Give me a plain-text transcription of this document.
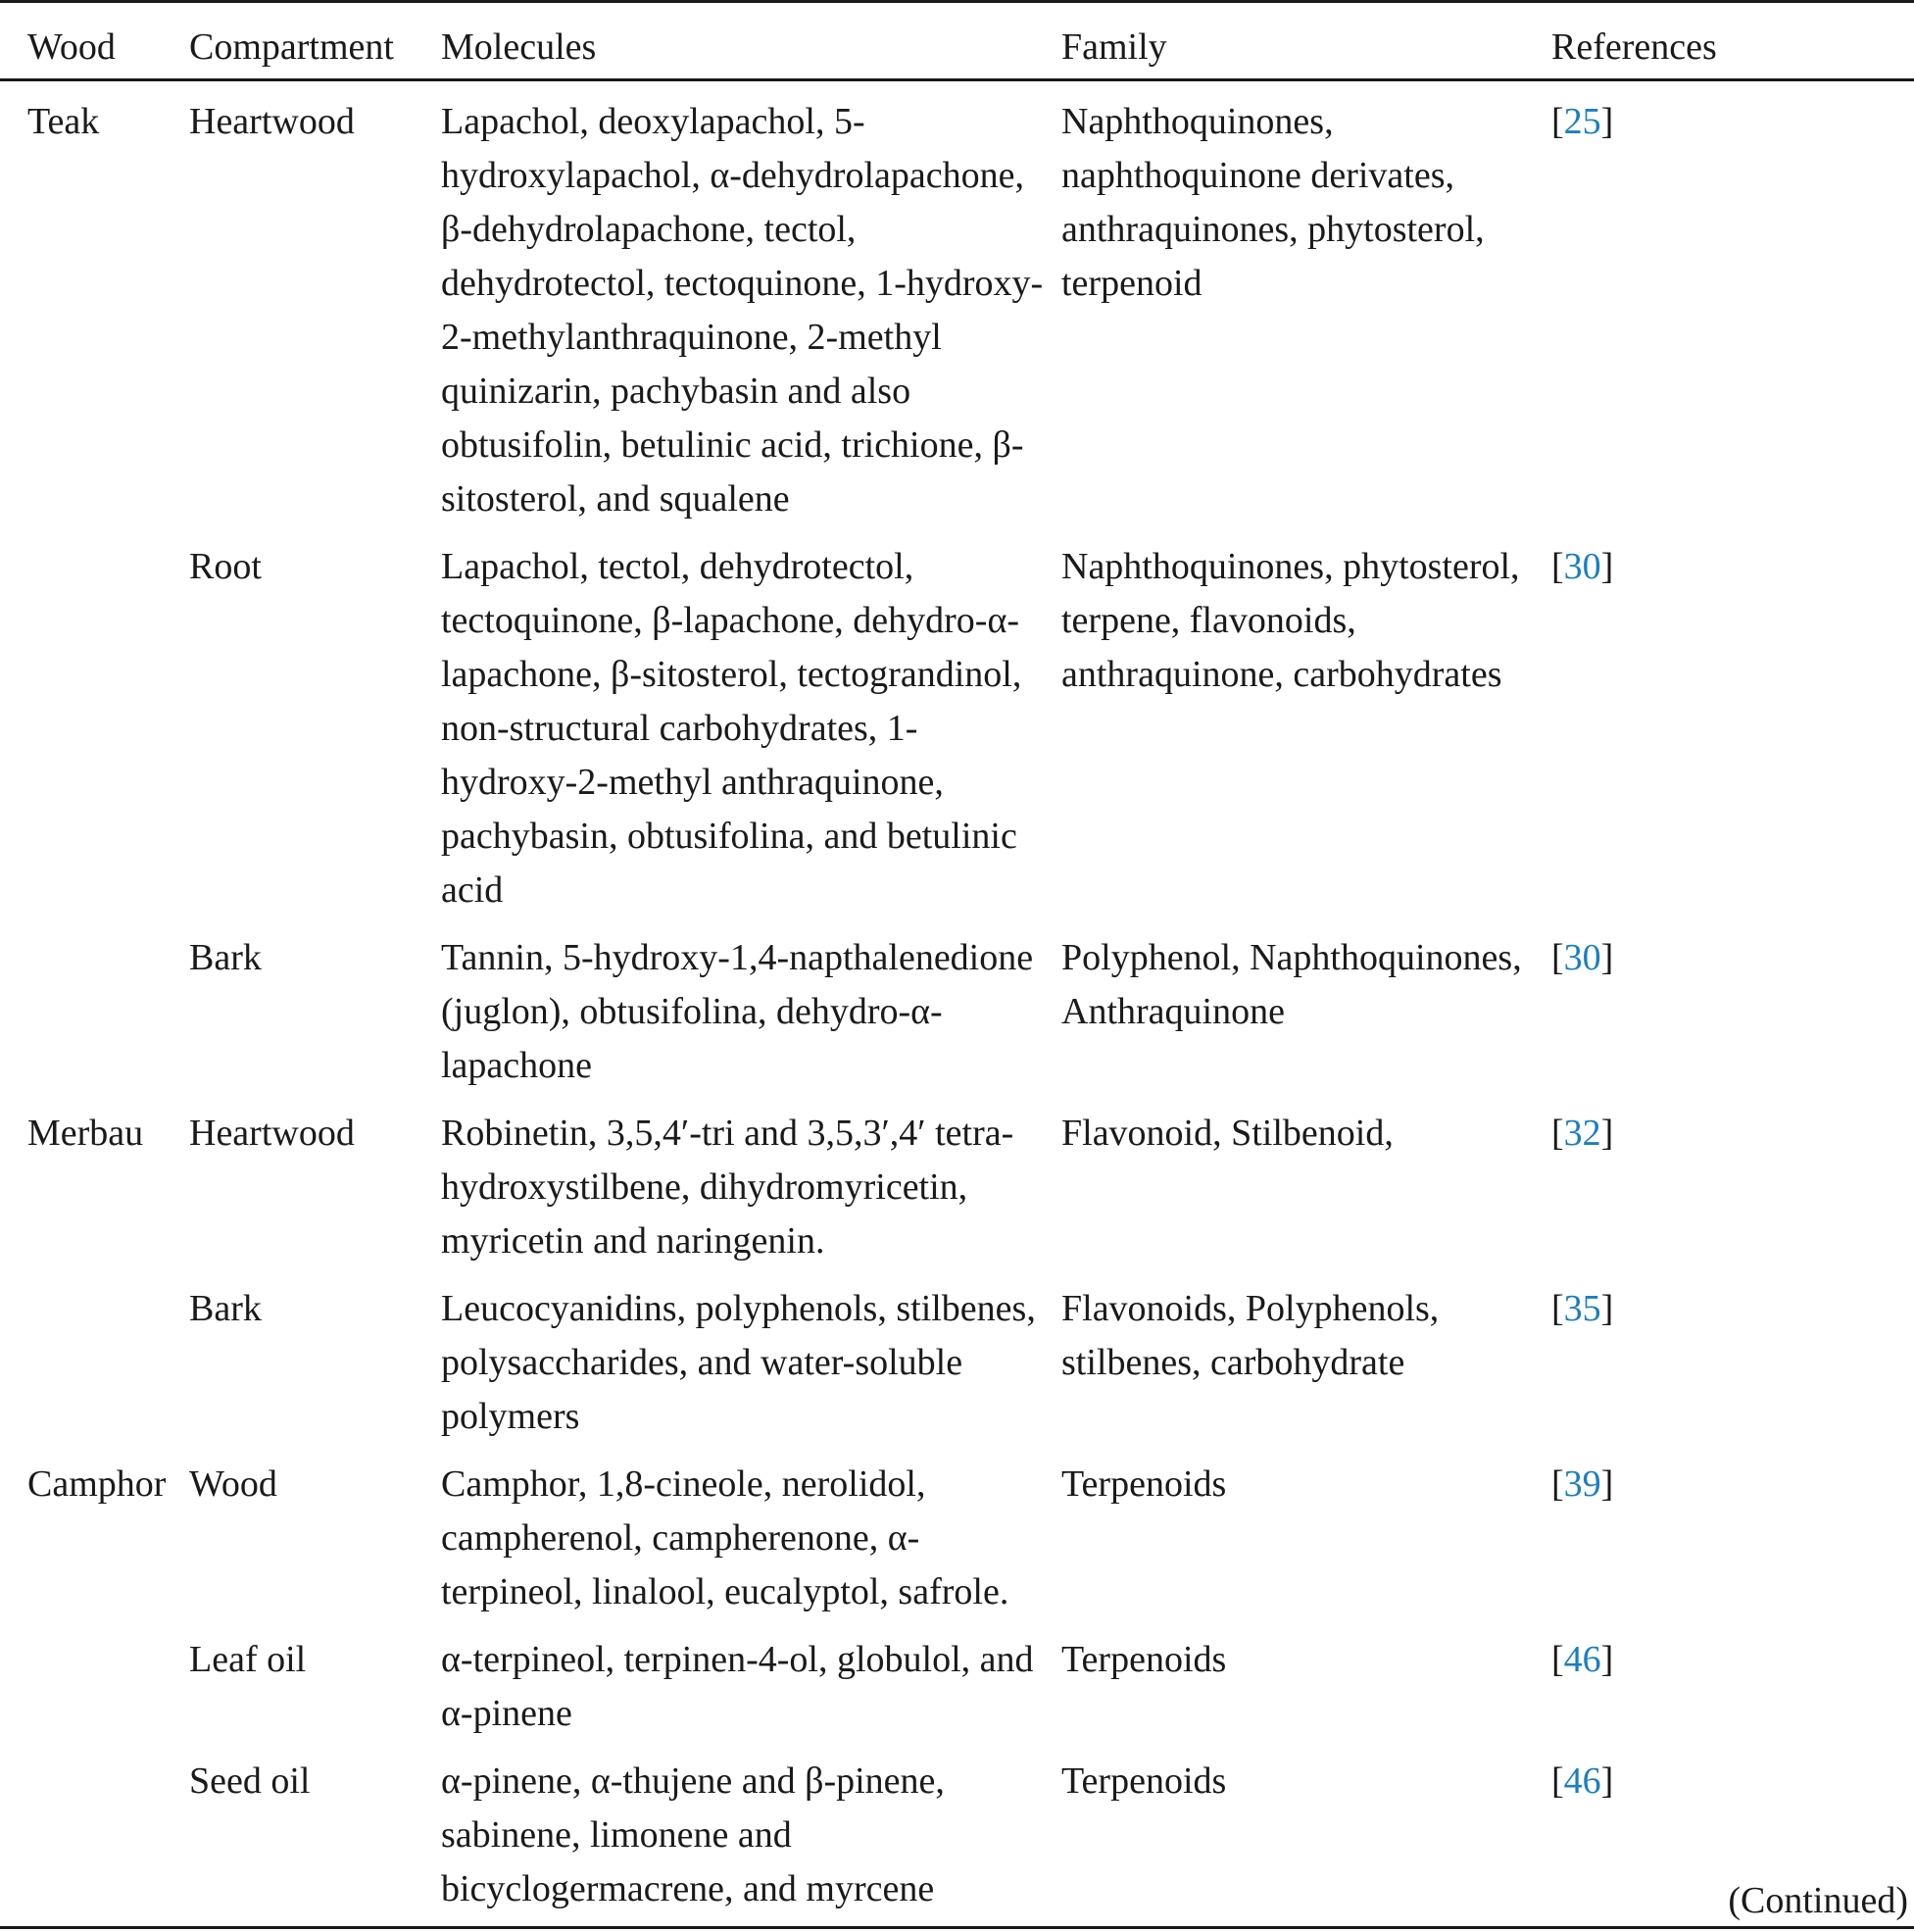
Wood	Compartment	Molecules	Family	References
Teak	Heartwood	Lapachol, deoxylapachol, 5-hydroxylapachol, α-dehydrolapachone, β-dehydrolapachone, tectol, dehydrotectol, tectoquinone, 1-hydroxy-2-methylanthraquinone, 2-methyl quinizarin, pachybasin and also obtusifolin, betulinic acid, trichione, β-sitosterol, and squalene	Naphthoquinones, naphthoquinone derivates, anthraquinones, phytosterol, terpenoid	[25]
	Root	Lapachol, tectol, dehydrotectol, tectoquinone, β-lapachone, dehydro-α-lapachone, β-sitosterol, tectograndinol, non-structural carbohydrates, 1-hydroxy-2-methyl anthraquinone, pachybasin, obtusifolina, and betulinic acid	Naphthoquinones, phytosterol, terpene, flavonoids, anthraquinone, carbohydrates	[30]
	Bark	Tannin, 5-hydroxy-1,4-napthalenedione (juglon), obtusifolina, dehydro-α-lapachone	Polyphenol, Naphthoquinones, Anthraquinone	[30]
Merbau	Heartwood	Robinetin, 3,5,4′-tri and 3,5,3′,4′ tetra-hydroxystilbene, dihydromyricetin, myricetin and naringenin.	Flavonoid, Stilbenoid,	[32]
	Bark	Leucocyanidins, polyphenols, stilbenes, polysaccharides, and water-soluble polymers	Flavonoids, Polyphenols, stilbenes, carbohydrate	[35]
Camphor	Wood	Camphor, 1,8-cineole, nerolidol, campherenol, campherenone, α-terpineol, linalool, eucalyptol, safrole.	Terpenoids	[39]
	Leaf oil	α-terpineol, terpinen-4-ol, globulol, and α-pinene	Terpenoids	[46]
	Seed oil	α-pinene, α-thujene and β-pinene, sabinene, limonene and bicyclogermacrene, and myrcene	Terpenoids	[46]
(Continued)
